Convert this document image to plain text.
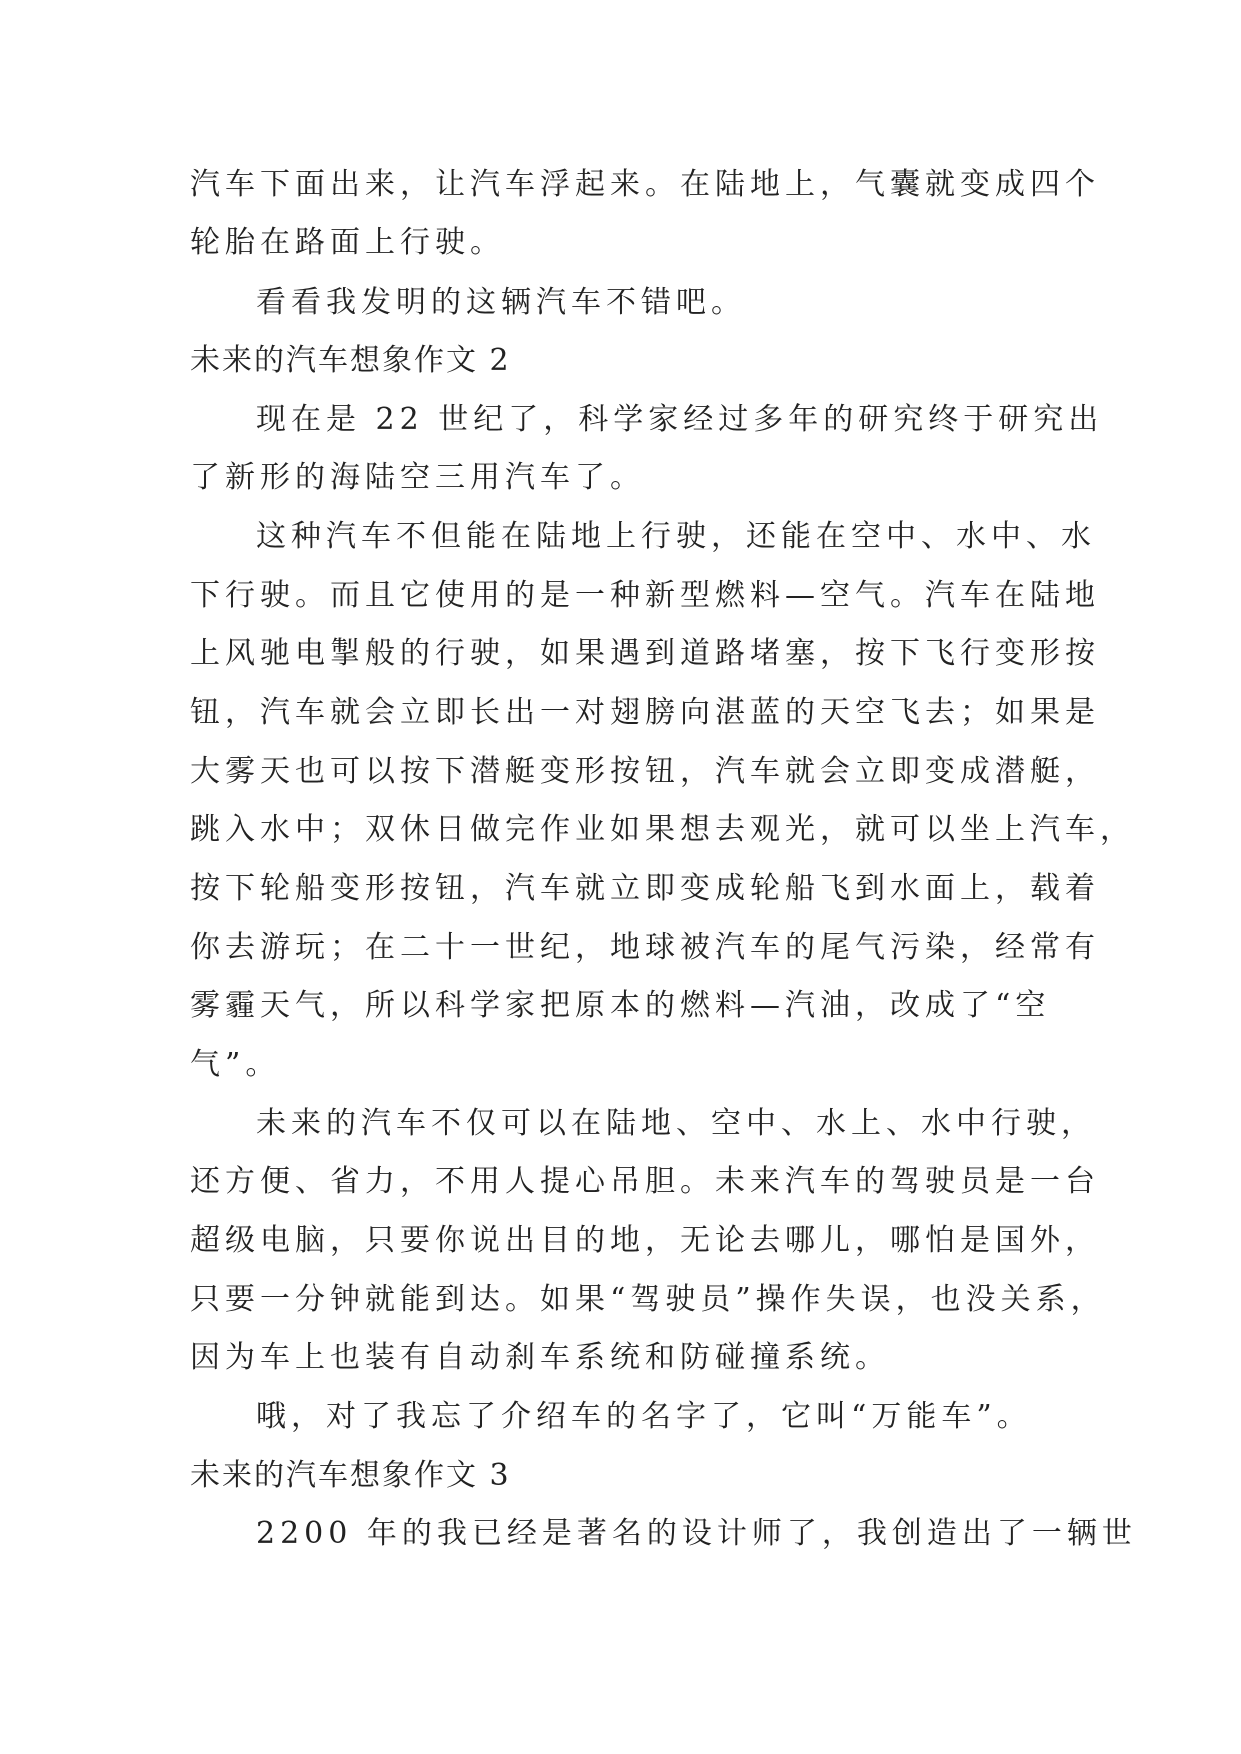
汽车下面出来，让汽车浮起来。在陆地上，气囊就变成四个
轮胎在路面上行驶。
看看我发明的这辆汽车不错吧。
未来的汽车想象作文 2
现在是 22 世纪了，科学家经过多年的研究终于研究出
了新形的海陆空三用汽车了。
这种汽车不但能在陆地上行驶，还能在空中、水中、水
下行驶。而且它使用的是一种新型燃料—空气。汽车在陆地
上风驰电掣般的行驶，如果遇到道路堵塞，按下飞行变形按
钮，汽车就会立即长出一对翅膀向湛蓝的天空飞去；如果是
大雾天也可以按下潜艇变形按钮，汽车就会立即变成潜艇，
跳入水中；双休日做完作业如果想去观光，就可以坐上汽车，
按下轮船变形按钮，汽车就立即变成轮船飞到水面上，载着
你去游玩；在二十一世纪，地球被汽车的尾气污染，经常有
雾霾天气，所以科学家把原本的燃料—汽油，改成了“空
气”。
未来的汽车不仅可以在陆地、空中、水上、水中行驶，
还方便、省力，不用人提心吊胆。未来汽车的驾驶员是一台
超级电脑，只要你说出目的地，无论去哪儿，哪怕是国外，
只要一分钟就能到达。如果“驾驶员”操作失误，也没关系，
因为车上也装有自动刹车系统和防碰撞系统。
哦，对了我忘了介绍车的名字了，它叫“万能车”。
未来的汽车想象作文 3
2200 年的我已经是著名的设计师了，我创造出了一辆世
